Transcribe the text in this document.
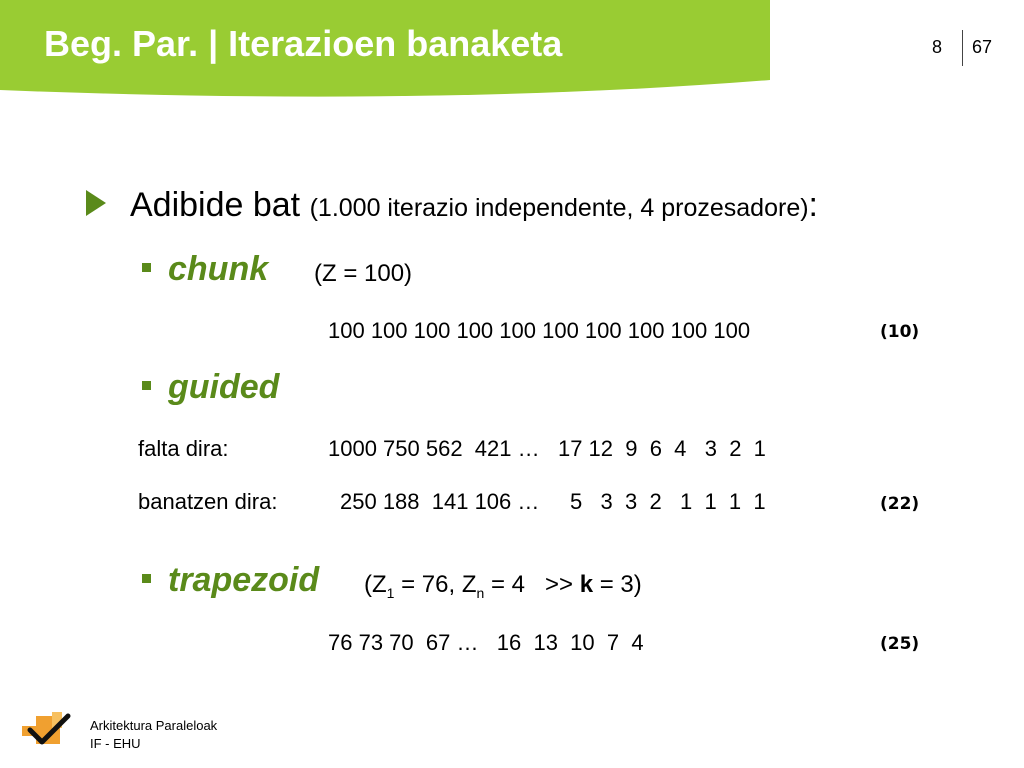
Beg. Par. | Iterazioen banaketa	8 67
Adibide bat (1.000 iterazio independente, 4 prozesadore):
chunk (Z = 100)
100 100 100 100 100 100 100 100 100 100	(10)
guided
falta dira:	1000 750 562  421 …   17 12  9  6  4   3  2  1
banatzen dira:	250 188  141 106 …     5   3  3  2   1  1  1  1	(22)
trapezoid ($Z_1 = 76$, $Z_n = 4 >> k = 3$)
76 73 70  67 …   16  13  10  7  4	(25)
Arkitektura Paraleloak
IF - EHU
